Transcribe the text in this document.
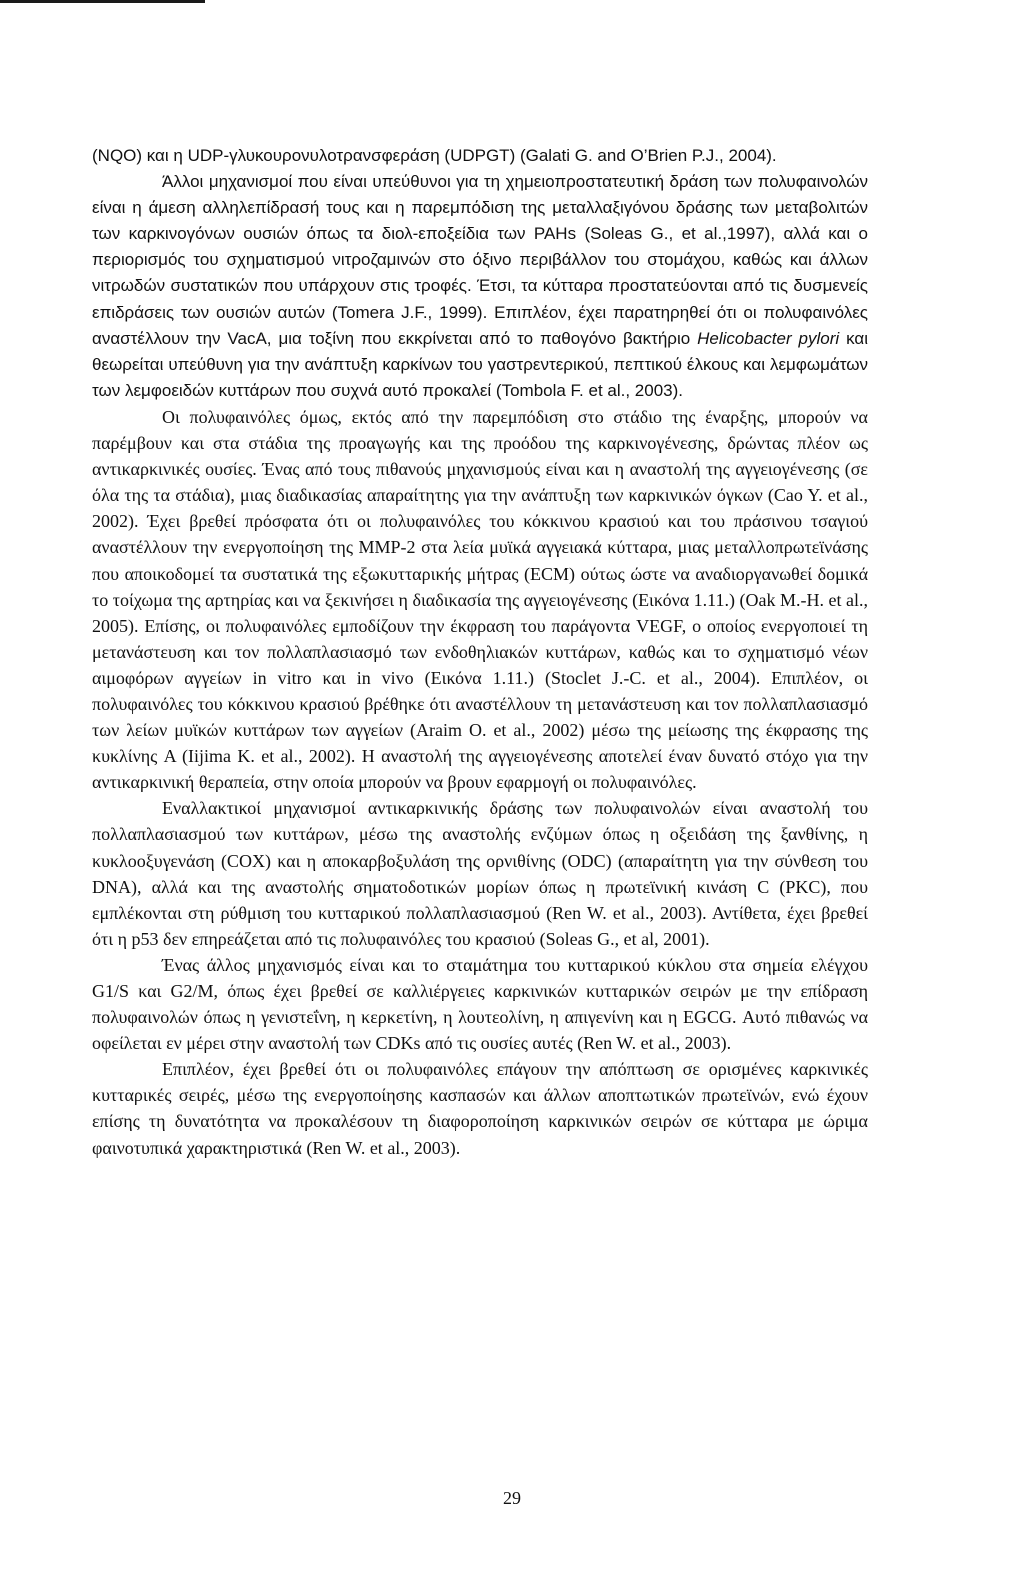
(NQO) και η UDP-γλυκουρονυλοτρανσφεράση (UDPGT) (Galati G. and O’Brien P.J., 2004).

Άλλοι μηχανισμοί που είναι υπεύθυνοι για τη χημειοπροστατευτική δράση των πολυφαινολών είναι η άμεση αλληλεπίδρασή τους και η παρεμπόδιση της μεταλλαξιγόνου δράσης των μεταβολιτών των καρκινογόνων ουσιών όπως τα διολ-εποξείδια των PAHs (Soleas G., et al.,1997), αλλά και ο περιορισμός του σχηματισμού νιτροζαμινών στο όξινο περιβάλλον του στομάχου, καθώς και άλλων νιτρωδών συστατικών που υπάρχουν στις τροφές. Έτσι, τα κύτταρα προστατεύονται από τις δυσμενείς επιδράσεις των ουσιών αυτών (Tomera J.F., 1999). Επιπλέον, έχει παρατηρηθεί ότι οι πολυφαινόλες αναστέλλουν την VacA, μια τοξίνη που εκκρίνεται από το παθογόνο βακτήριο Helicobacter pylori και θεωρείται υπεύθυνη για την ανάπτυξη καρκίνων του γαστρεντερικού, πεπτικού έλκους και λεμφωμάτων των λεμφοειδών κυττάρων που συχνά αυτό προκαλεί (Tombola F. et al., 2003).

Οι πολυφαινόλες όμως, εκτός από την παρεμπόδιση στο στάδιο της έναρξης, μπορούν να παρέμβουν και στα στάδια της προαγωγής και της προόδου της καρκινογένεσης, δρώντας πλέον ως αντικαρκινικές ουσίες. Ένας από τους πιθανούς μηχανισμούς είναι και η αναστολή της αγγειογένεσης (σε όλα της τα στάδια), μιας διαδικασίας απαραίτητης για την ανάπτυξη των καρκινικών όγκων (Cao Y. et al., 2002). Έχει βρεθεί πρόσφατα ότι οι πολυφαινόλες του κόκκινου κρασιού και του πράσινου τσαγιού αναστέλλουν την ενεργοποίηση της MMP-2 στα λεία μυϊκά αγγειακά κύτταρα, μιας μεταλλοπρωτεϊνάσης που αποικοδομεί τα συστατικά της εξωκυτταρικής μήτρας (ECM) ούτως ώστε να αναδιοργανωθεί δομικά το τοίχωμα της αρτηρίας και να ξεκινήσει η διαδικασία της αγγειογένεσης (Εικόνα 1.11.) (Oak M.-H. et al., 2005). Επίσης, οι πολυφαινόλες εμποδίζουν την έκφραση του παράγοντα VEGF, ο οποίος ενεργοποιεί τη μετανάστευση και τον πολλαπλασιασμό των ενδοθηλιακών κυττάρων, καθώς και το σχηματισμό νέων αιμοφόρων αγγείων in vitro και in vivo (Εικόνα 1.11.) (Stoclet J.-C. et al., 2004). Επιπλέον, οι πολυφαινόλες του κόκκινου κρασιού βρέθηκε ότι αναστέλλουν τη μετανάστευση και τον πολλαπλασιασμό των λείων μυϊκών κυττάρων των αγγείων (Araim O. et al., 2002) μέσω της μείωσης της έκφρασης της κυκλίνης A (Iijima K. et al., 2002). Η αναστολή της αγγειογένεσης αποτελεί έναν δυνατό στόχο για την αντικαρκινική θεραπεία, στην οποία μπορούν να βρουν εφαρμογή οι πολυφαινόλες.

Εναλλακτικοί μηχανισμοί αντικαρκινικής δράσης των πολυφαινολών είναι αναστολή του πολλαπλασιασμού των κυττάρων, μέσω της αναστολής ενζύμων όπως η οξειδάση της ξανθίνης, η κυκλοοξυγενάση (COX) και η αποκαρβοξυλάση της ορνιθίνης (ODC) (απαραίτητη για την σύνθεση του DNA), αλλά και της αναστολής σηματοδοτικών μορίων όπως η πρωτεϊνική κινάση C (PKC), που εμπλέκονται στη ρύθμιση του κυτταρικού πολλαπλασιασμού (Ren W. et al., 2003). Αντίθετα, έχει βρεθεί ότι η p53 δεν επηρεάζεται από τις πολυφαινόλες του κρασιού (Soleas G., et al, 2001).

Ένας άλλος μηχανισμός είναι και το σταμάτημα του κυτταρικού κύκλου στα σημεία ελέγχου G1/S και G2/M, όπως έχει βρεθεί σε καλλιέργειες καρκινικών κυτταρικών σειρών με την επίδραση πολυφαινολών όπως η γενιστεΐνη, η κερκετίνη, η λουτεολίνη, η απιγενίνη και η EGCG. Αυτό πιθανώς να οφείλεται εν μέρει στην αναστολή των CDKs από τις ουσίες αυτές (Ren W. et al., 2003).

Επιπλέον, έχει βρεθεί ότι οι πολυφαινόλες επάγουν την απόπτωση σε ορισμένες καρκινικές κυτταρικές σειρές, μέσω της ενεργοποίησης κασπασών και άλλων αποπτωτικών πρωτεϊνών, ενώ έχουν επίσης τη δυνατότητα να προκαλέσουν τη διαφοροποίηση καρκινικών σειρών σε κύτταρα με ώριμα φαινοτυπικά χαρακτηριστικά (Ren W. et al., 2003).

29
